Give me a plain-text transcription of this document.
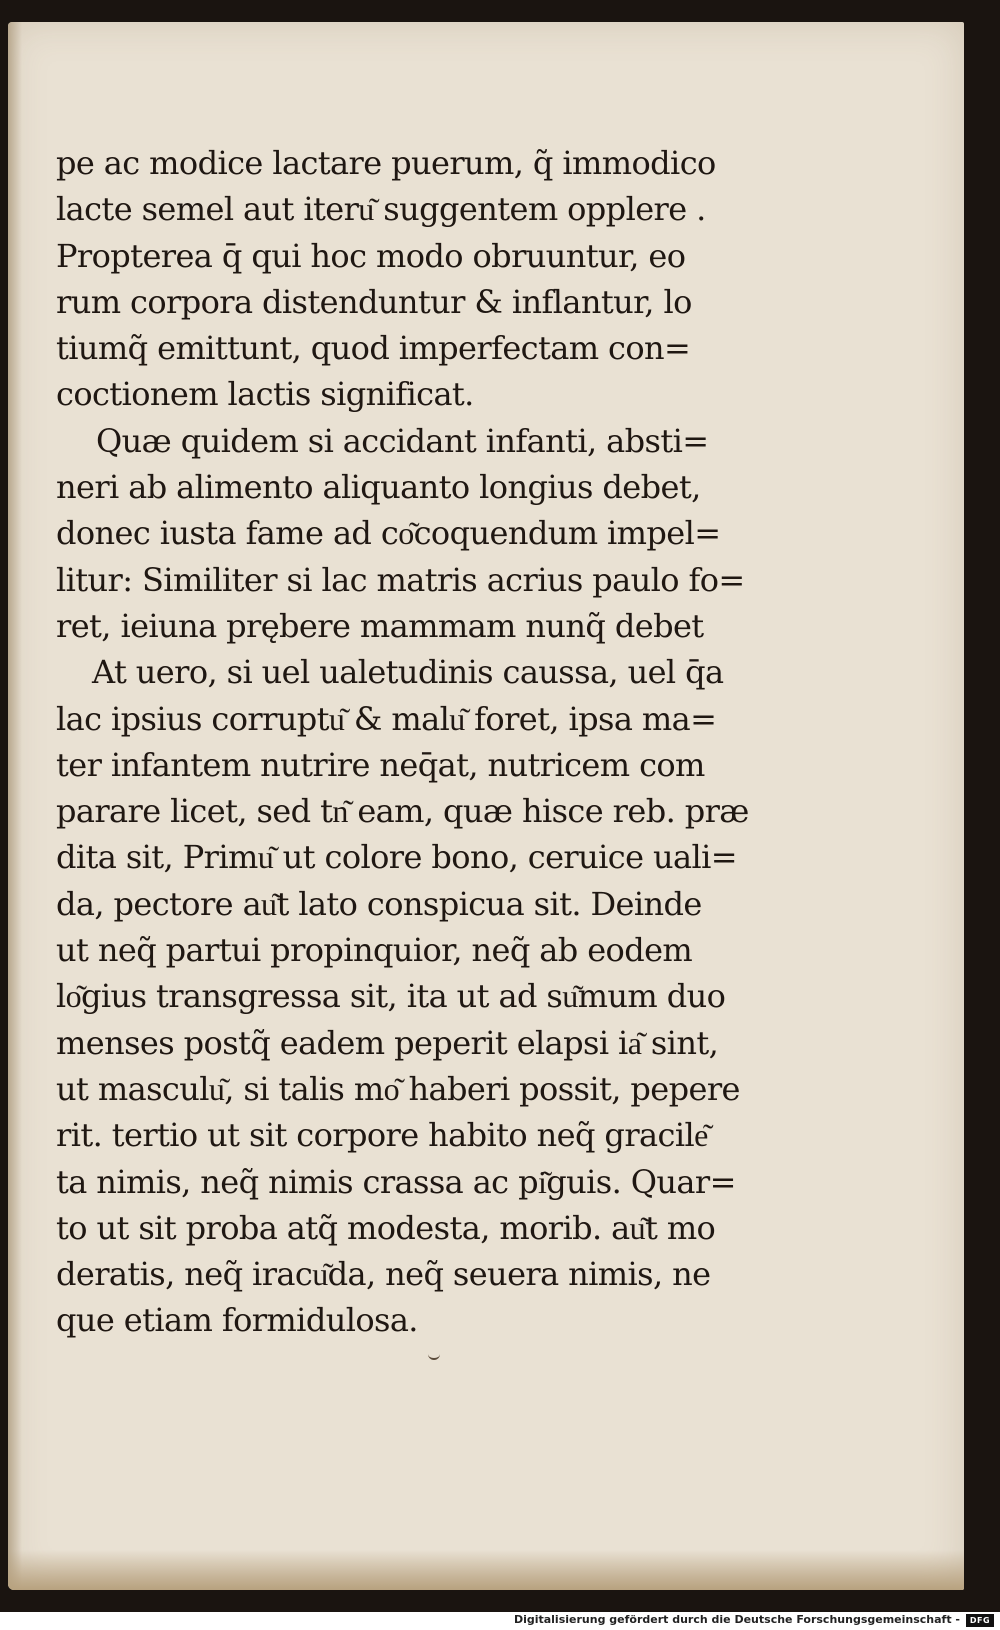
pe ac modice lactare puerum, q̃ immodico
lacte semel aut iteru͂ suggentem opplere .
Propterea q̄ qui hoc modo obruuntur, eo
rum corpora distenduntur & inflantur, lo
tiumq̃ emittunt, quod imperfectam con=
coctionem lactis significat.
Quæ quidem si accidant infanti, absti=
neri ab alimento aliquanto longius debet,
donec iusta fame ad co͂coquendum impel=
litur: Similiter si lac matris acrius paulo fo=
ret, ieiuna prębere mammam nunq̃ debet
At uero, si uel ualetudinis caussa, uel q̄a
lac ipsius corruptu͂ & malu͂ foret, ipsa ma=
ter infantem nutrire neq̄at, nutricem com
parare licet, sed tn͂ eam, quæ hisce reb. præ
dita sit, Primu͂ ut colore bono, ceruice uali=
da, pectore au͂t lato conspicua sit. Deinde
ut neq̃ partui propinquior, neq̃ ab eodem
lo͂gius transgressa sit, ita ut ad su͂mum duo
menses postq̃ eadem peperit elapsi ia͂ sint,
ut masculu͂, si talis mo͂ haberi possit, pepere
rit. tertio ut sit corpore habito neq̃ gracile͂
ta nimis, neq̃ nimis crassa ac pi͂guis. Quar=
to ut sit proba atq̃ modesta, morib. au͂t mo
deratis, neq̃ iracu͂da, neq̃ seuera nimis, ne
que etiam formidulosa.
Digitalisierung gefördert durch die Deutsche Forschungsgemeinschaft -	DFG
